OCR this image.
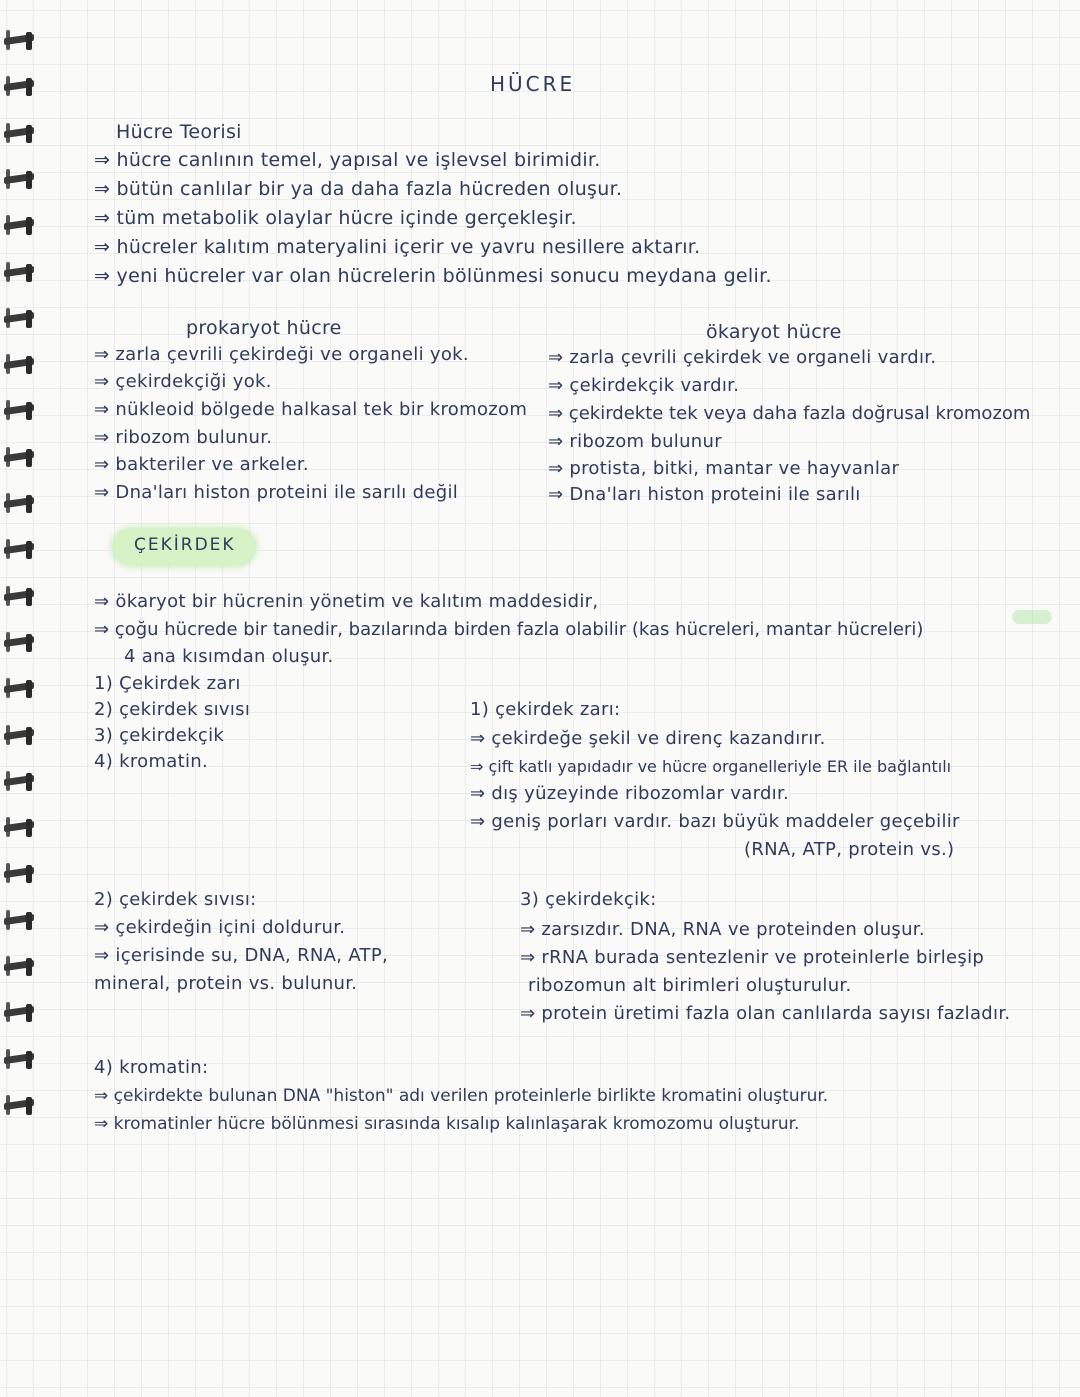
HÜCRE
Hücre Teorisi
⇒ hücre canlının temel, yapısal ve işlevsel birimidir.
⇒ bütün canlılar bir ya da daha fazla hücreden oluşur.
⇒ tüm metabolik olaylar hücre içinde gerçekleşir.
⇒ hücreler kalıtım materyalini içerir ve yavru nesillere aktarır.
⇒ yeni hücreler var olan hücrelerin bölünmesi sonucu meydana gelir.
prokaryot hücre
⇒ zarla çevrili çekirdeği ve organeli yok.
⇒ çekirdekçiği yok.
⇒ nükleoid bölgede halkasal tek bir kromozom
⇒ ribozom bulunur.
⇒ bakteriler ve arkeler.
⇒ Dna'ları histon proteini ile sarılı değil
ökaryot hücre
⇒ zarla çevrili çekirdek ve organeli vardır.
⇒ çekirdekçik vardır.
⇒ çekirdekte tek veya daha fazla doğrusal kromozom
⇒ ribozom bulunur
⇒ protista, bitki, mantar ve hayvanlar
⇒ Dna'ları histon proteini ile sarılı
ÇEKİRDEK
⇒ ökaryot bir hücrenin yönetim ve kalıtım maddesidir,
⇒ çoğu hücrede bir tanedir, bazılarında birden fazla olabilir (kas hücreleri, mantar hücreleri)
4 ana kısımdan oluşur.
1) Çekirdek zarı
2) çekirdek sıvısı
3) çekirdekçik
4) kromatin.
1) çekirdek zarı:
⇒ çekirdeğe şekil ve direnç kazandırır.
⇒ çift katlı yapıdadır ve hücre organelleriyle ER ile bağlantılı
⇒ dış yüzeyinde ribozomlar vardır.
⇒ geniş porları vardır. bazı büyük maddeler geçebilir
(RNA, ATP, protein vs.)
2) çekirdek sıvısı:
⇒ çekirdeğin içini doldurur.
⇒ içerisinde su, DNA, RNA, ATP,
mineral, protein vs. bulunur.
3) çekirdekçik:
⇒ zarsızdır. DNA, RNA ve proteinden oluşur.
⇒ rRNA burada sentezlenir ve proteinlerle birleşip
ribozomun alt birimleri oluşturulur.
⇒ protein üretimi fazla olan canlılarda sayısı fazladır.
4) kromatin:
⇒ çekirdekte bulunan DNA "histon" adı verilen proteinlerle birlikte kromatini oluşturur.
⇒ kromatinler hücre bölünmesi sırasında kısalıp kalınlaşarak kromozomu oluşturur.
